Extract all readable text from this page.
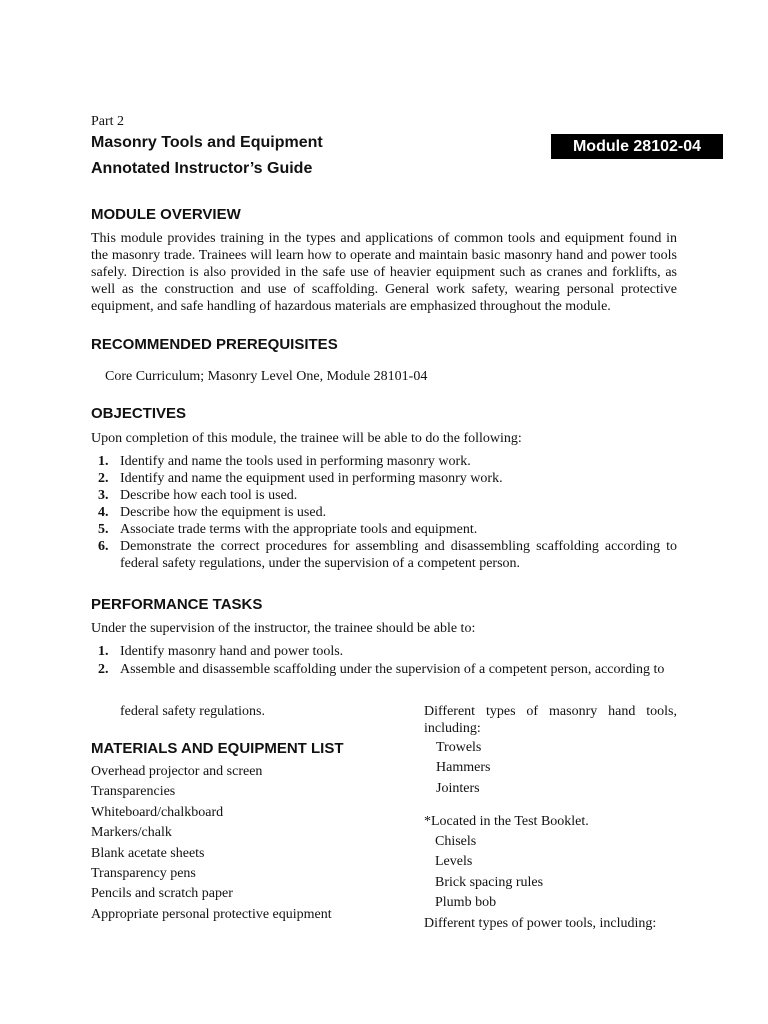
Part 2
Masonry Tools and Equipment
Annotated Instructor’s Guide
Module 28102-04
MODULE OVERVIEW
This module provides training in the types and applications of common tools and equipment found in the masonry trade. Trainees will learn how to operate and maintain basic masonry hand and power tools safely. Direction is also provided in the safe use of heavier equipment such as cranes and forklifts, as well as the construction and use of scaffolding. General work safety, wearing personal protective equipment, and safe handling of hazardous materials are emphasized throughout the module.
RECOMMENDED PREREQUISITES
Core Curriculum; Masonry Level One, Module 28101-04
OBJECTIVES
Upon completion of this module, the trainee will be able to do the following:
1. Identify and name the tools used in performing masonry work.
2. Identify and name the equipment used in performing masonry work.
3. Describe how each tool is used.
4. Describe how the equipment is used.
5. Associate trade terms with the appropriate tools and equipment.
6. Demonstrate the correct procedures for assembling and disassembling scaffolding according to federal safety regulations, under the supervision of a competent person.
PERFORMANCE TASKS
Under the supervision of the instructor, the trainee should be able to:
1. Identify masonry hand and power tools.
2. Assemble and disassemble scaffolding under the supervision of a competent person, according to
federal safety regulations.
MATERIALS AND EQUIPMENT LIST
Overhead projector and screen
Transparencies
Whiteboard/chalkboard
Markers/chalk
Blank acetate sheets
Transparency pens
Pencils and scratch paper
Appropriate personal protective equipment
Different types of masonry hand tools, including:
Trowels
Hammers
Jointers
*Located in the Test Booklet.
Chisels
Levels
Brick spacing rules
Plumb bob
Different types of power tools, including:
